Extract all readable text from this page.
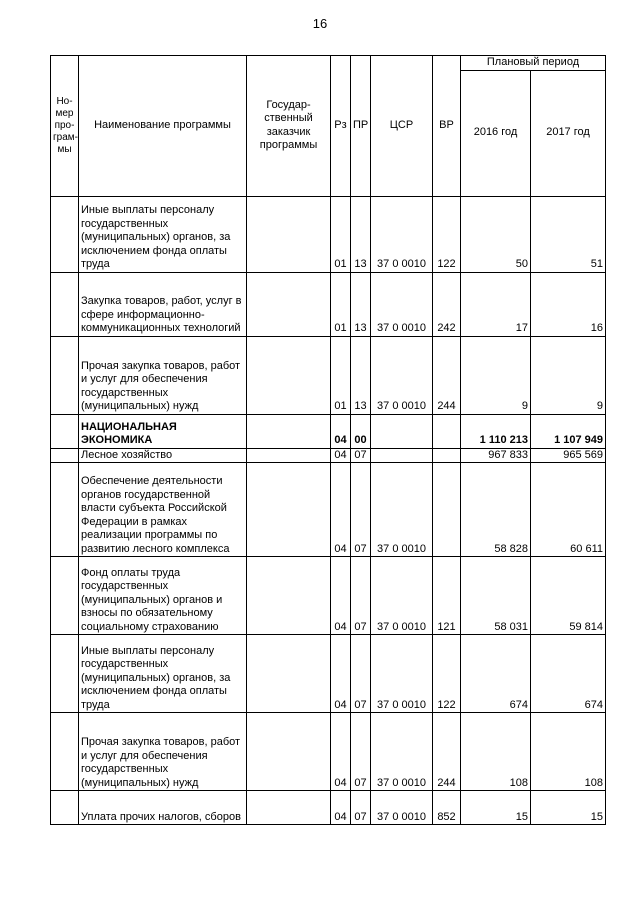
16
Но-мер про-грам-мы	Наименование программы	Государ-ственный заказчик программы	Рз	ПР	ЦСР	ВР	Плановый период	
							2016 год	2017 год
	Иные выплаты персоналу государственных (муниципальных) органов, за исключением фонда оплаты труда		01	13	37 0 0010	122	50	51
	Закупка товаров, работ, услуг в сфере информационно-коммуникационных технологий		01	13	37 0 0010	242	17	16
	Прочая закупка товаров, работ и услуг для обеспечения государственных (муниципальных) нужд		01	13	37 0 0010	244	9	9
	НАЦИОНАЛЬНАЯ ЭКОНОМИКА		04	00			1 110 213	1 107 949
	Лесное хозяйство		04	07			967 833	965 569
	Обеспечение деятельности органов государственной власти субъекта Российской Федерации в рамках реализации программы по развитию лесного комплекса		04	07	37 0 0010		58 828	60 611
	Фонд оплаты труда государственных (муниципальных) органов и взносы по обязательному социальному страхованию		04	07	37 0 0010	121	58 031	59 814
	Иные выплаты персоналу государственных (муниципальных) органов, за исключением фонда оплаты труда		04	07	37 0 0010	122	674	674
	Прочая закупка товаров, работ и услуг для обеспечения государственных (муниципальных) нужд		04	07	37 0 0010	244	108	108
	Уплата прочих налогов, сборов		04	07	37 0 0010	852	15	15
